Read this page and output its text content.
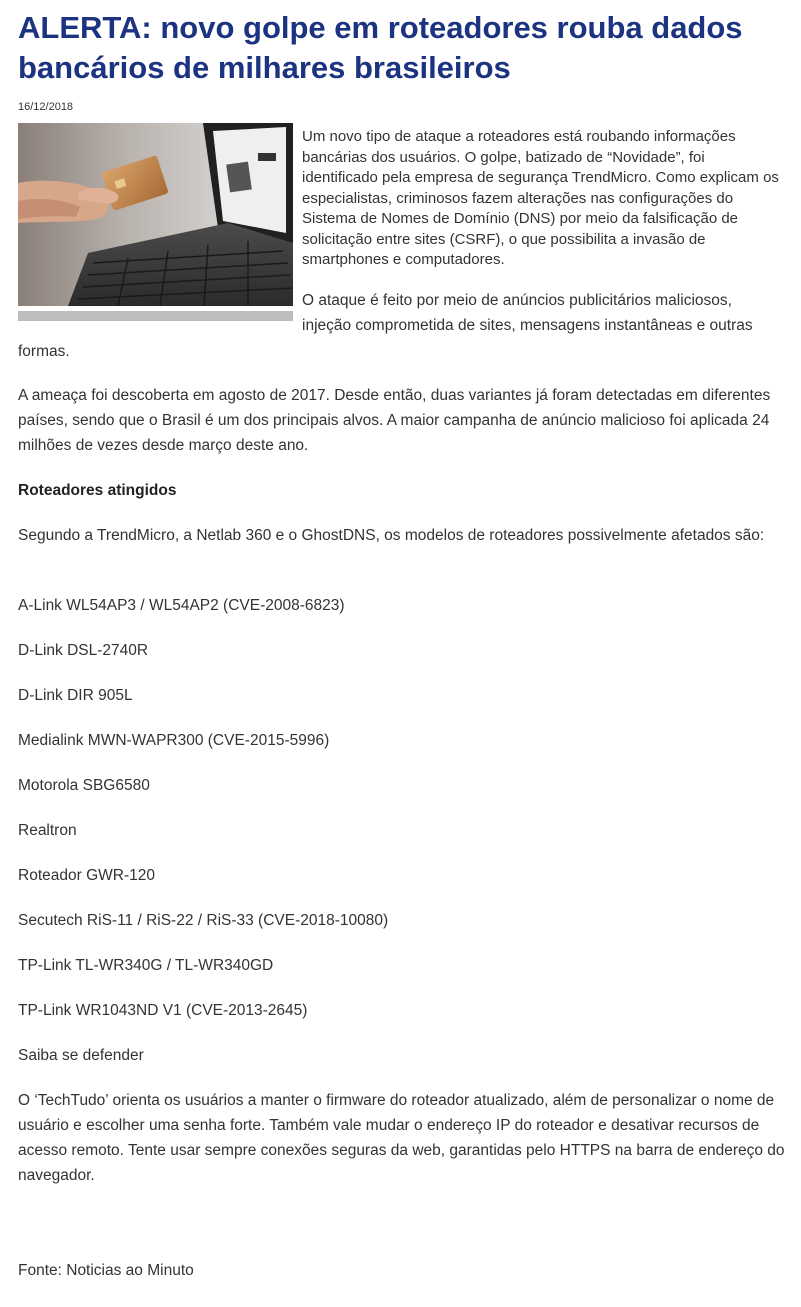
ALERTA: novo golpe em roteadores rouba dados bancários de milhares brasileiros
16/12/2018

Um novo tipo de ataque a roteadores está roubando informações bancárias dos usuários. O golpe, batizado de “Novidade”, foi identificado pela empresa de segurança TrendMicro. Como explicam os especialistas, criminosos fazem alterações nas configurações do Sistema de Nomes de Domínio (DNS) por meio da falsificação de solicitação entre sites (CSRF), o que possibilita a invasão de smartphones e computadores.

O ataque é feito por meio de anúncios publicitários maliciosos,

injeção comprometida de sites, mensagens instantâneas e outras

formas.

A ameaça foi descoberta em agosto de 2017. Desde então, duas variantes já foram detectadas em diferentes países, sendo que o Brasil é um dos principais alvos. A maior campanha de anúncio malicioso foi aplicada 24 milhões de vezes desde março deste ano.

Roteadores atingidos

Segundo a TrendMicro, a Netlab 360 e o GhostDNS, os modelos de roteadores possivelmente afetados são:

A-Link WL54AP3 / WL54AP2 (CVE-2008-6823)

D-Link DSL-2740R

D-Link DIR 905L

Medialink MWN-WAPR300 (CVE-2015-5996)

Motorola SBG6580

Realtron

Roteador GWR-120

Secutech RiS-11 / RiS-22 / RiS-33 (CVE-2018-10080)

TP-Link TL-WR340G / TL-WR340GD

TP-Link WR1043ND V1 (CVE-2013-2645)

Saiba se defender

O ‘TechTudo’ orienta os usuários a manter o firmware do roteador atualizado, além de personalizar o nome de usuário e escolher uma senha forte. Também vale mudar o endereço IP do roteador e desativar recursos de acesso remoto. Tente usar sempre conexões seguras da web, garantidas pelo HTTPS na barra de endereço do navegador.

Fonte: Noticias ao Minuto
